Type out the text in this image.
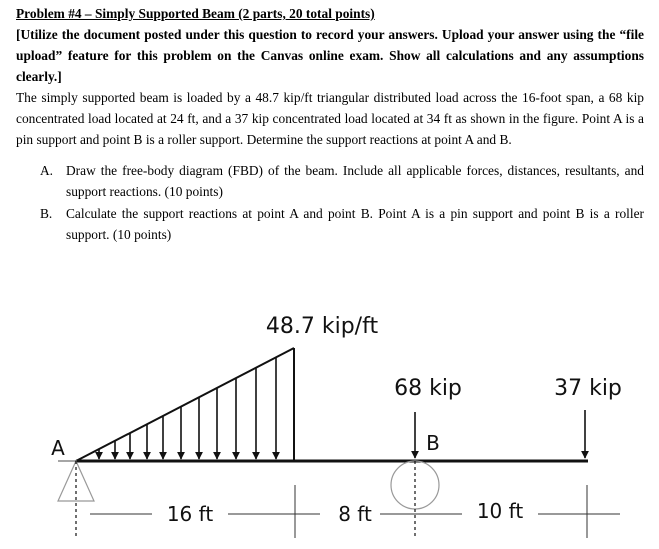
Problem #4 – Simply Supported Beam (2 parts, 20 total points)
[Utilize the document posted under this question to record your answers. Upload your answer using the “file upload” feature for this problem on the Canvas online exam. Show all calculations and any assumptions clearly.]
The simply supported beam is loaded by a 48.7 kip/ft triangular distributed load across the 16-foot span, a 68 kip concentrated load located at 24 ft, and a 37 kip concentrated load located at 34 ft as shown in the figure. Point A is a pin support and point B is a roller support. Determine the support reactions at point A and B.
A. Draw the free-body diagram (FBD) of the beam. Include all applicable forces, distances, resultants, and support reactions. (10 points)
B. Calculate the support reactions at point A and point B. Point A is a pin support and point B is a roller support. (10 points)
48.7 kip/ft
A	B
68 kip	37 kip
16 ft	8 ft	10 ft
